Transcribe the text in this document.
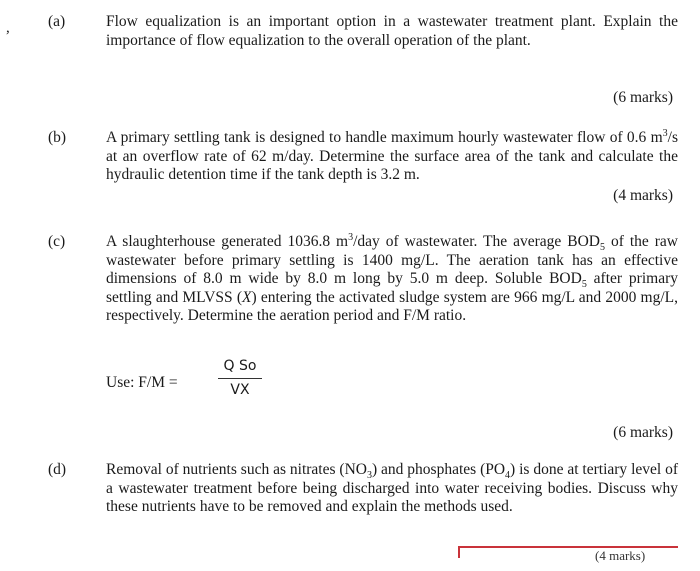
, (a)	Flow equalization is an important option in a wastewater treatment plant. Explain the importance of flow equalization to the overall operation of the plant.
(6 marks)
(b)	A primary settling tank is designed to handle maximum hourly wastewater flow of 0.6 $m^3/s$ at an overflow rate of 62 m/day. Determine the surface area of the tank and calculate the hydraulic detention time if the tank depth is 3.2 m.
(4 marks)
(c)	A slaughterhouse generated 1036.8 $m^3$/day of wastewater. The average $BOD_5$ of the raw wastewater before primary settling is 1400 mg/L. The aeration tank has an effective dimensions of 8.0 m wide by 8.0 m long by 5.0 m deep. Soluble $BOD_5$ after primary settling and MLVSS (X) entering the activated sludge system are 966 mg/L and 2000 mg/L, respectively. Determine the aeration period and F/M ratio.
Use: F/M =
Q So
VX
(6 marks)
(d)	Removal of nutrients such as nitrates $(NO_3)$ and phosphates $(PO_4)$ is done at tertiary level of a wastewater treatment before being discharged into water receiving bodies. Discuss why these nutrients have to be removed and explain the methods used.
(4 marks)
